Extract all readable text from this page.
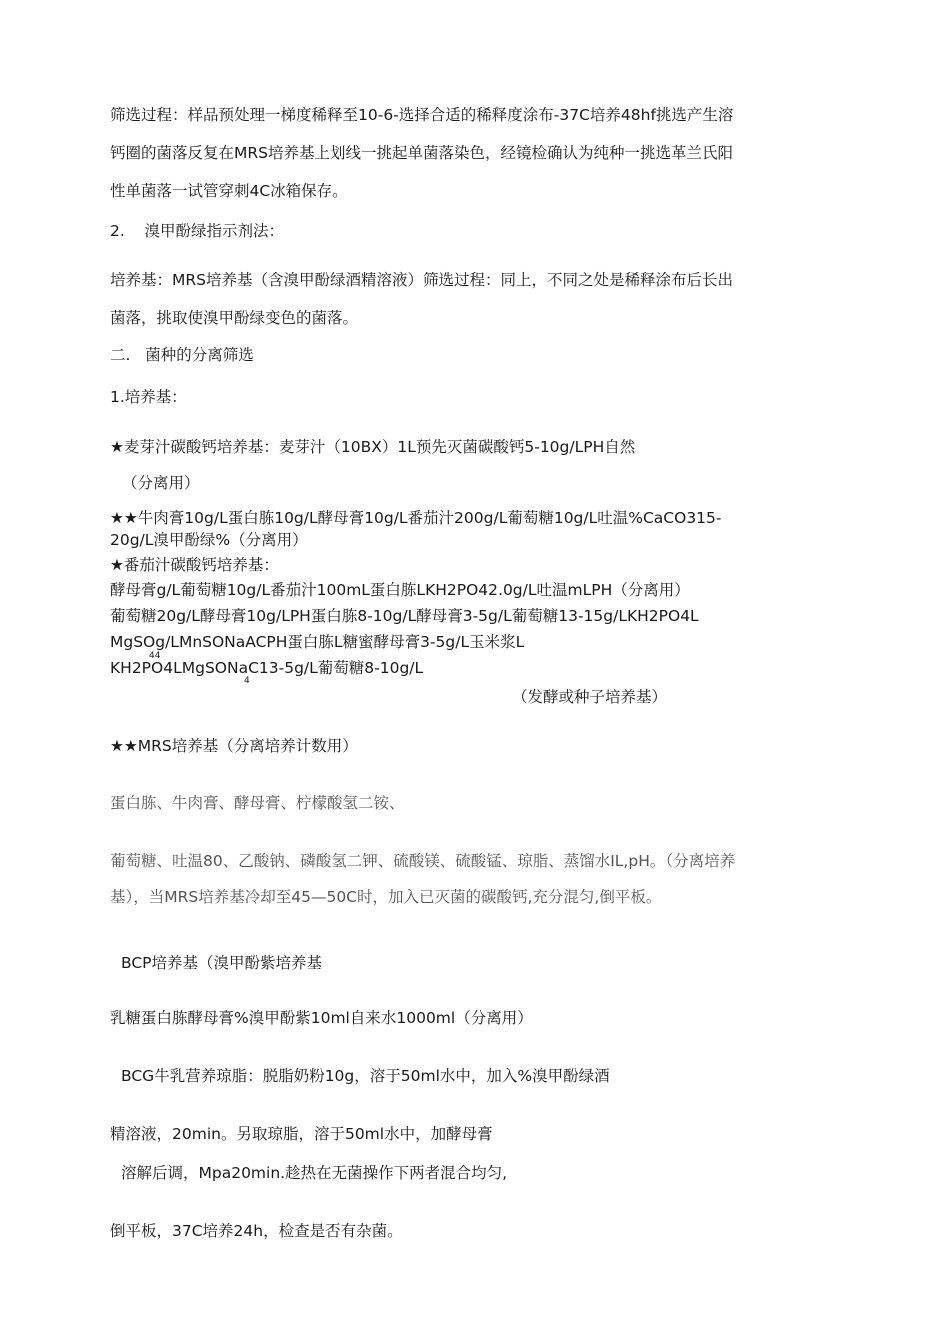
筛选过程：样品预处理一梯度稀释至10-6-选择合适的稀释度涂布-37C培养48hf挑选产生溶
钙圈的菌落反复在MRS培养基上划线一挑起单菌落染色，经镜检确认为纯种一挑选革兰氏阳
性单菌落一试管穿刺4C冰箱保存。
2.    溴甲酚绿指示剂法：
培养基：MRS培养基（含溴甲酚绿酒精溶液）筛选过程：同上，不同之处是稀释涂布后长出
菌落，挑取使溴甲酚绿变色的菌落。
二.   菌种的分离筛选
1.培养基：
★麦芽汁碳酸钙培养基：麦芽汁（10BX）1L预先灭菌碳酸钙5-10g/LPH自然
（分离用）
★★牛肉膏10g/L蛋白胨10g/L酵母膏10g/L番茄汁200g/L葡萄糖10g/L吐温%CaCO315-
20g/L溴甲酚绿%（分离用）
★番茄汁碳酸钙培养基：
酵母膏g/L葡萄糖10g/L番茄汁100mL蛋白胨LKH2PO42.0g/L吐温mLPH（分离用）
葡萄糖20g/L酵母膏10g/LPH蛋白胨8-10g/L酵母膏3-5g/L葡萄糖13-15g/LKH2PO4L
MgSOg/LMnSONaACPH蛋白胨L糖蜜酵母膏3-5g/L玉米浆L
44
KH2PO4LMgSONaC13-5g/L葡萄糖8-10g/L
4
（发酵或种子培养基）
★★MRS培养基（分离培养计数用）
蛋白胨、牛肉膏、酵母膏、柠檬酸氢二铵、
葡萄糖、吐温80、乙酸钠、磷酸氢二钾、硫酸镁、硫酸锰、琼脂、蒸馏水IL,pH。（分离培养
基），当MRS培养基冷却至45—50C时，加入已灭菌的碳酸钙,充分混匀,倒平板。
BCP培养基（溴甲酚紫培养基
乳糖蛋白胨酵母膏%溴甲酚紫10ml自来水1000ml（分离用）
BCG牛乳营养琼脂：脱脂奶粉10g，溶于50ml水中，加入%溴甲酚绿酒
精溶液，20min。另取琼脂，溶于50ml水中，加酵母膏
溶解后调，Mpa20min.趁热在无菌操作下两者混合均匀,
倒平板，37C培养24h，检查是否有杂菌。
